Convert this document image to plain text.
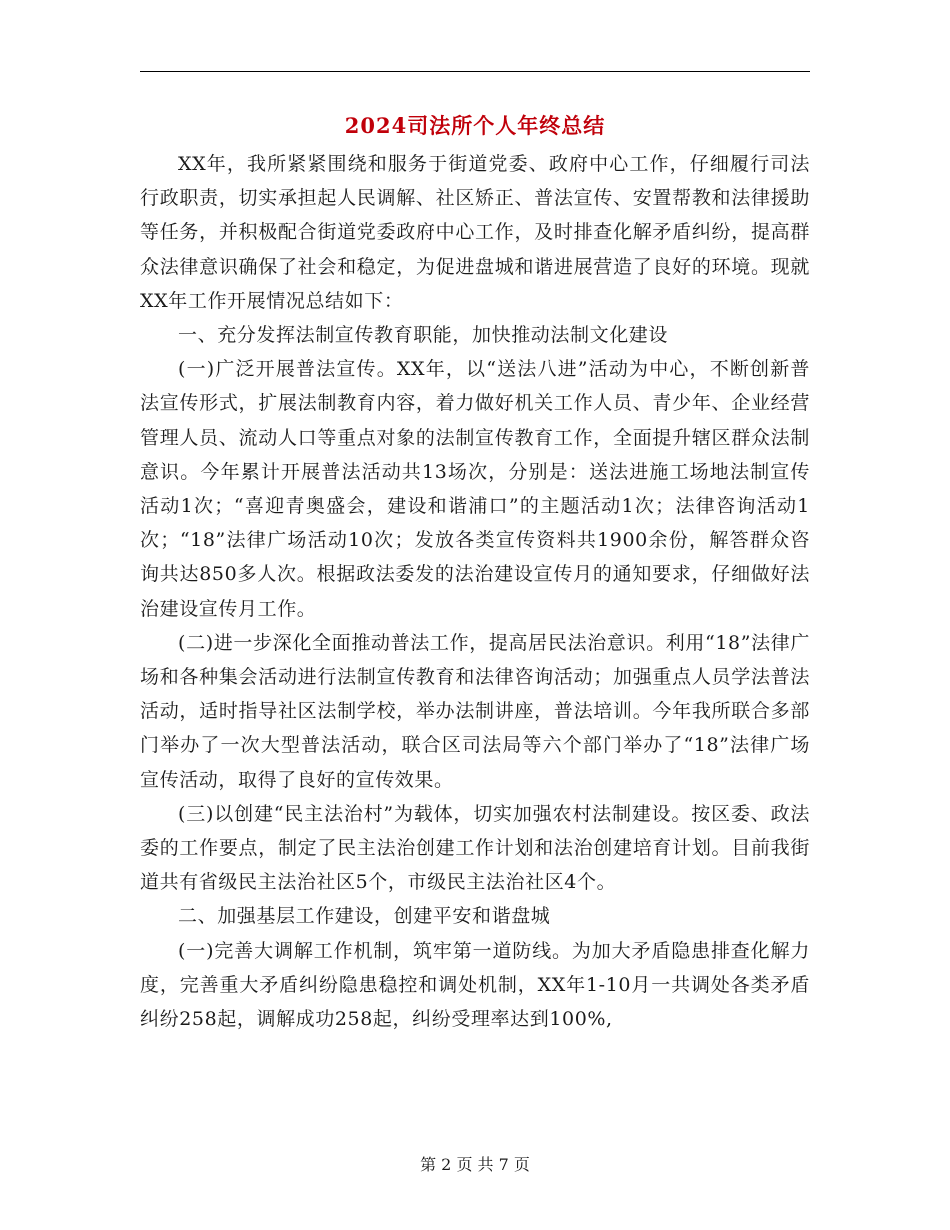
2024司法所个人年终总结

XX年，我所紧紧围绕和服务于街道党委、政府中心工作，仔细履行司法行政职责，切实承担起人民调解、社区矫正、普法宣传、安置帮教和法律援助等任务，并积极配合街道党委政府中心工作，及时排查化解矛盾纠纷，提高群众法律意识确保了社会和稳定，为促进盘城和谐进展营造了良好的环境。现就XX年工作开展情况总结如下：

一、充分发挥法制宣传教育职能，加快推动法制文化建设

(一)广泛开展普法宣传。XX年，以“送法八进”活动为中心，不断创新普法宣传形式，扩展法制教育内容，着力做好机关工作人员、青少年、企业经营管理人员、流动人口等重点对象的法制宣传教育工作，全面提升辖区群众法制意识。今年累计开展普法活动共13场次，分别是：送法进施工场地法制宣传活动1次；“喜迎青奥盛会，建设和谐浦口”的主题活动1次；法律咨询活动1次；“18”法律广场活动10次；发放各类宣传资料共1900余份，解答群众咨询共达850多人次。根据政法委发的法治建设宣传月的通知要求，仔细做好法治建设宣传月工作。

(二)进一步深化全面推动普法工作，提高居民法治意识。利用“18”法律广场和各种集会活动进行法制宣传教育和法律咨询活动；加强重点人员学法普法活动，适时指导社区法制学校，举办法制讲座，普法培训。今年我所联合多部门举办了一次大型普法活动，联合区司法局等六个部门举办了“18”法律广场宣传活动，取得了良好的宣传效果。

(三)以创建“民主法治村”为载体，切实加强农村法制建设。按区委、政法委的工作要点，制定了民主法治创建工作计划和法治创建培育计划。目前我街道共有省级民主法治社区5个，市级民主法治社区4个。

二、加强基层工作建设，创建平安和谐盘城

(一)完善大调解工作机制，筑牢第一道防线。为加大矛盾隐患排查化解力度，完善重大矛盾纠纷隐患稳控和调处机制，XX年1-10月一共调处各类矛盾纠纷258起，调解成功258起，纠纷受理率达到100%,

第 2 页 共 7 页
